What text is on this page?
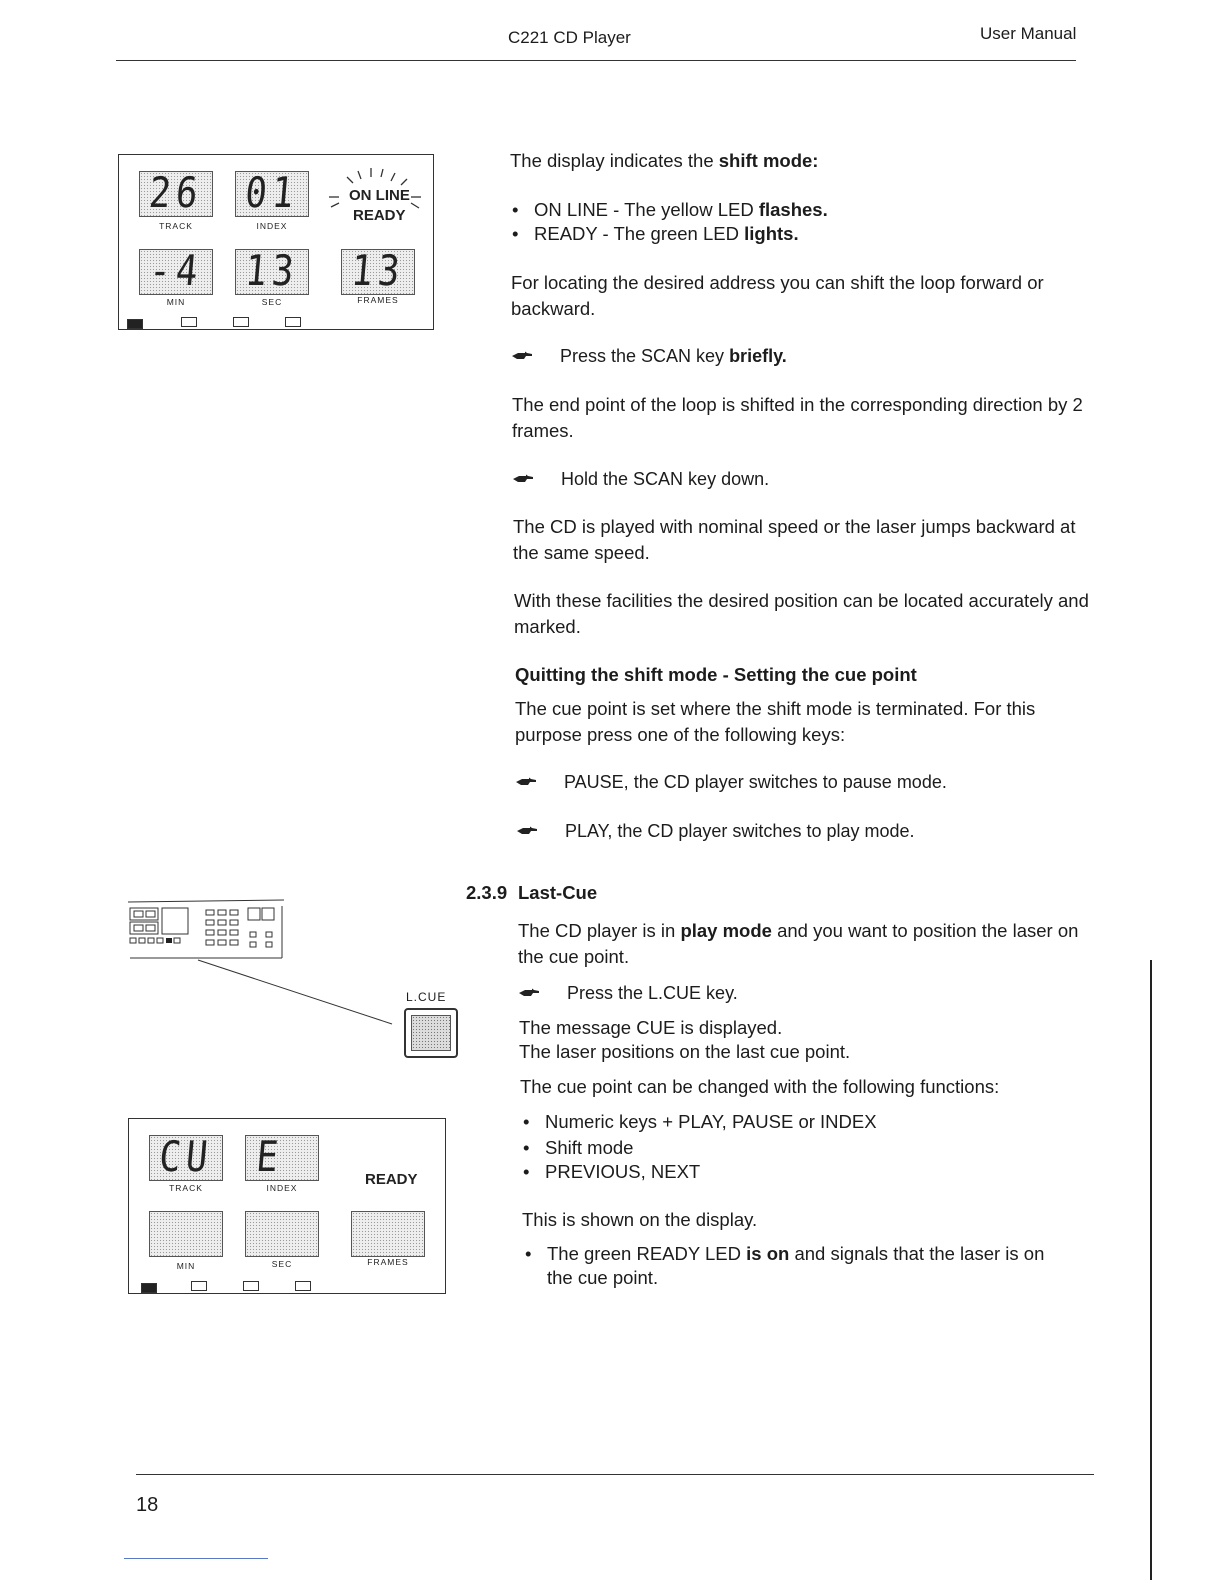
C221 CD Player	User Manual
26
TRACK
01
INDEX
ON LINE
READY
-4
MIN
13
SEC
13
FRAMES
The display indicates the shift mode:
• ON LINE - The yellow LED flashes.
• READY - The green LED lights.
For locating the desired address you can shift the loop forward or backward.
Press the SCAN key briefly.
The end point of the loop is shifted in the corresponding direction by 2 frames.
Hold the SCAN key down.
The CD is played with nominal speed or the laser jumps backward at the same speed.
With these facilities the desired position can be located accurately and marked.
Quitting the shift mode - Setting the cue point
The cue point is set where the shift mode is terminated. For this purpose press one of the following keys:
PAUSE, the CD player switches to pause mode.
PLAY, the CD player switches to play mode.
2.3.9 Last-Cue
L.CUE
The CD player is in play mode and you want to position the laser on the cue point.
Press the L.CUE key.
The message CUE is displayed.
The laser positions on the last cue point.
The cue point can be changed with the following functions:
• Numeric keys + PLAY, PAUSE or INDEX
• Shift mode
• PREVIOUS, NEXT
This is shown on the display.
• The green READY LED is on and signals that the laser is on the cue point.
CU
TRACK
E
INDEX	READY
MIN	SEC	FRAMES
18
